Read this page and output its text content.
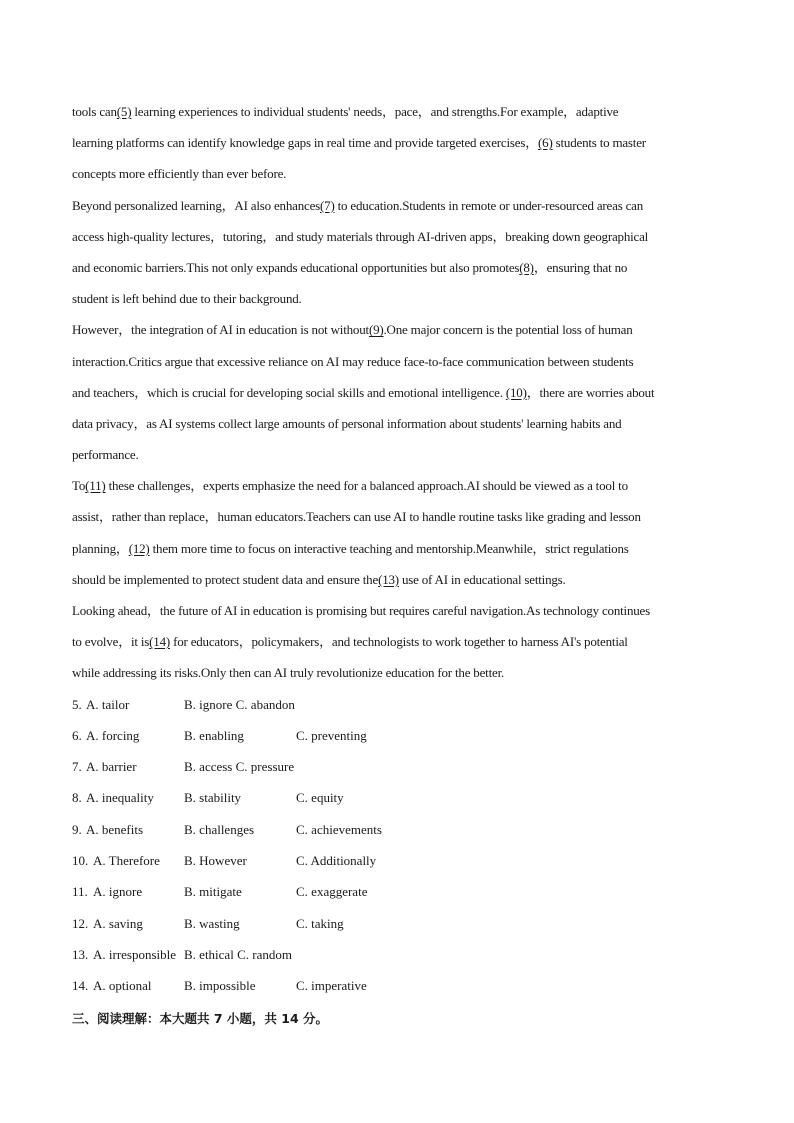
tools can(5) learning experiences to individual students' needs，pace，and strengths.For example，adaptive
learning platforms can identify knowledge gaps in real time and provide targeted exercises，(6) students to master
concepts more efficiently than ever before.
Beyond personalized learning，AI also enhances(7) to education.Students in remote or under-resourced areas can
access high-quality lectures，tutoring，and study materials through AI-driven apps，breaking down geographical
and economic barriers.This not only expands educational opportunities but also promotes(8)，ensuring that no
student is left behind due to their background.
However，the integration of AI in education is not without(9).One major concern is the potential loss of human
interaction.Critics argue that excessive reliance on AI may reduce face-to-face communication between students
and teachers，which is crucial for developing social skills and emotional intelligence. (10)，there are worries about
data privacy，as AI systems collect large amounts of personal information about students' learning habits and
performance.
To(11) these challenges，experts emphasize the need for a balanced approach.AI should be viewed as a tool to
assist，rather than replace，human educators.Teachers can use AI to handle routine tasks like grading and lesson
planning，(12) them more time to focus on interactive teaching and mentorship.Meanwhile，strict regulations
should be implemented to protect student data and ensure the(13) use of AI in educational settings.
Looking ahead，the future of AI in education is promising but requires careful navigation.As technology continues
to evolve，it is(14) for educators，policymakers，and technologists to work together to harness AI's potential
while addressing its risks.Only then can AI truly revolutionize education for the better.
5. A. tailor	B. ignore C. abandon
6. A. forcing	B. enabling	C. preventing
7. A. barrier	B. access C. pressure
8. A. inequality B. stability	C. equity
9. A. benefits	B. challenges	C. achievements
10. A. Therefore B. However	C. Additionally
11. A. ignore	B. mitigate	C. exaggerate
12. A. saving	B. wasting	C. taking
13. A. irresponsible B. ethical C. random
14. A. optional	B. impossible	C. imperative
三、阅读理解：本大题共 7 小题，共 14 分。
